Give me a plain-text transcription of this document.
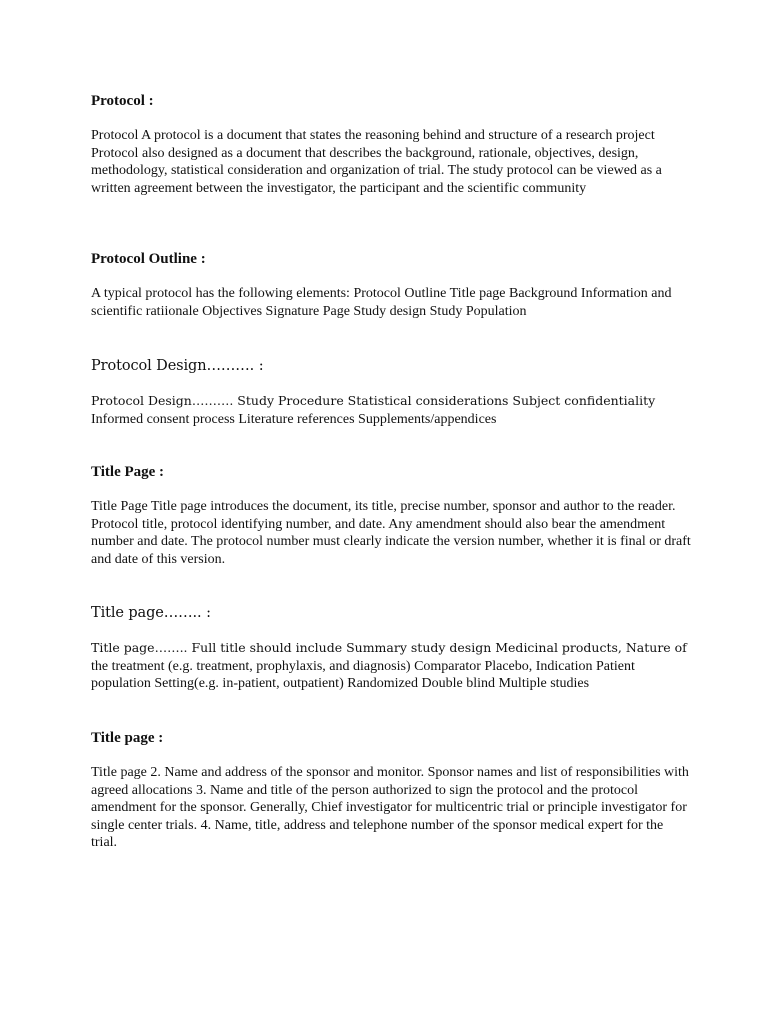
Protocol :

Protocol A protocol is a document that states the reasoning behind and structure of a research project Protocol also designed as a document that describes the background, rationale, objectives, design, methodology, statistical consideration and organization of trial. The study protocol can be viewed as a written agreement between the investigator, the participant and the scientific community

Protocol Outline :

A typical protocol has the following elements: Protocol Outline Title page Background Information and scientific ratiionale Objectives Signature Page Study design Study Population

Protocol Design………. :

Protocol Design………. Study Procedure Statistical considerations Subject confidentiality
Informed consent process Literature references Supplements/appendices

Title Page :

Title Page Title page introduces the document, its title, precise number, sponsor and author to the reader. Protocol title, protocol identifying number, and date. Any amendment should also bear the amendment number and date. The protocol number must clearly indicate the version number, whether it is final or draft and date of this version.

Title page…….. :

Title page…….. Full title should include Summary study design Medicinal products, Nature of
the treatment (e.g. treatment, prophylaxis, and diagnosis) Comparator Placebo, Indication Patient population Setting(e.g. in-patient, outpatient) Randomized Double blind Multiple studies

Title page :

Title page 2. Name and address of the sponsor and monitor. Sponsor names and list of responsibilities with agreed allocations 3. Name and title of the person authorized to sign the protocol and the protocol amendment for the sponsor. Generally, Chief investigator for multicentric trial or principle investigator for single center trials. 4. Name, title, address and telephone number of the sponsor medical expert for the trial.
